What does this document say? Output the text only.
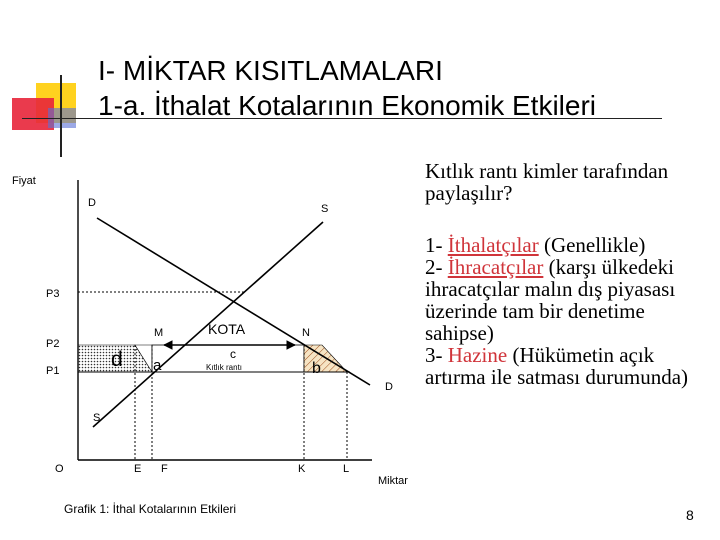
I- MİKTAR KISITLAMALARI
1-a. İthalat Kotalarının Ekonomik Etkileri
Fiyat
D	S
P3
P2
P1
M	KOTA	N
c
Kıtlık rantı
d a	b
D
S
O	E F	K	L
Miktar
Grafik 1: İthal Kotalarının Etkileri

Kıtlık rantı kimler tarafından paylaşılır?

1- İthalatçılar (Genellikle)

2- İhracatçılar (karşı ülkedeki ihracatçılar malın dış piyasası üzerinde tam bir denetime sahipse)

3- Hazine (Hükümetin açık artırma ile satması durumunda)

8
